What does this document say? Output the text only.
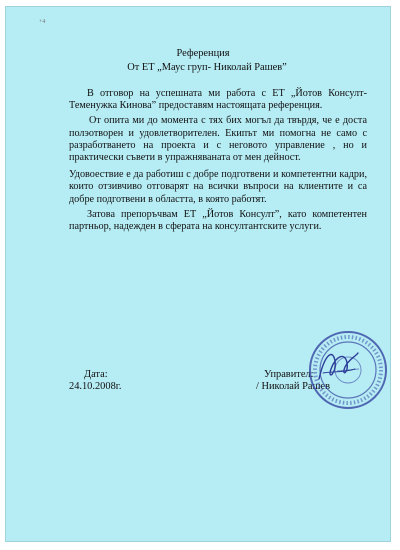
+4
Референция
От ЕТ „Маус груп- Николай Рашев”

В отговор на успешната ми работа с ЕТ „Йотов Консулт- Теменужка Кинова” предоставям настоящата референция.

От опита ми до момента с тях бих могъл да твърдя, че е доста полэотворен и удовлетворителен. Екипът ми помогна не само с разработването на проекта и с неговото управление , но и практически съвети в упражняваната от мен дейност.

Удовоествие е да работиш с добре подготвени и компетентни кадри, които отзивчиво отговарят на всички въпроси на клиентите и са добре подготвени в областта, в която работят.

Затова препоръчвам ЕТ „Йотов Консулт”, като компетентен партньор, надежден в сферата на консултантските услуги.

Дата:
24.10.2008г.
Управител:
/ Николай Рашев
